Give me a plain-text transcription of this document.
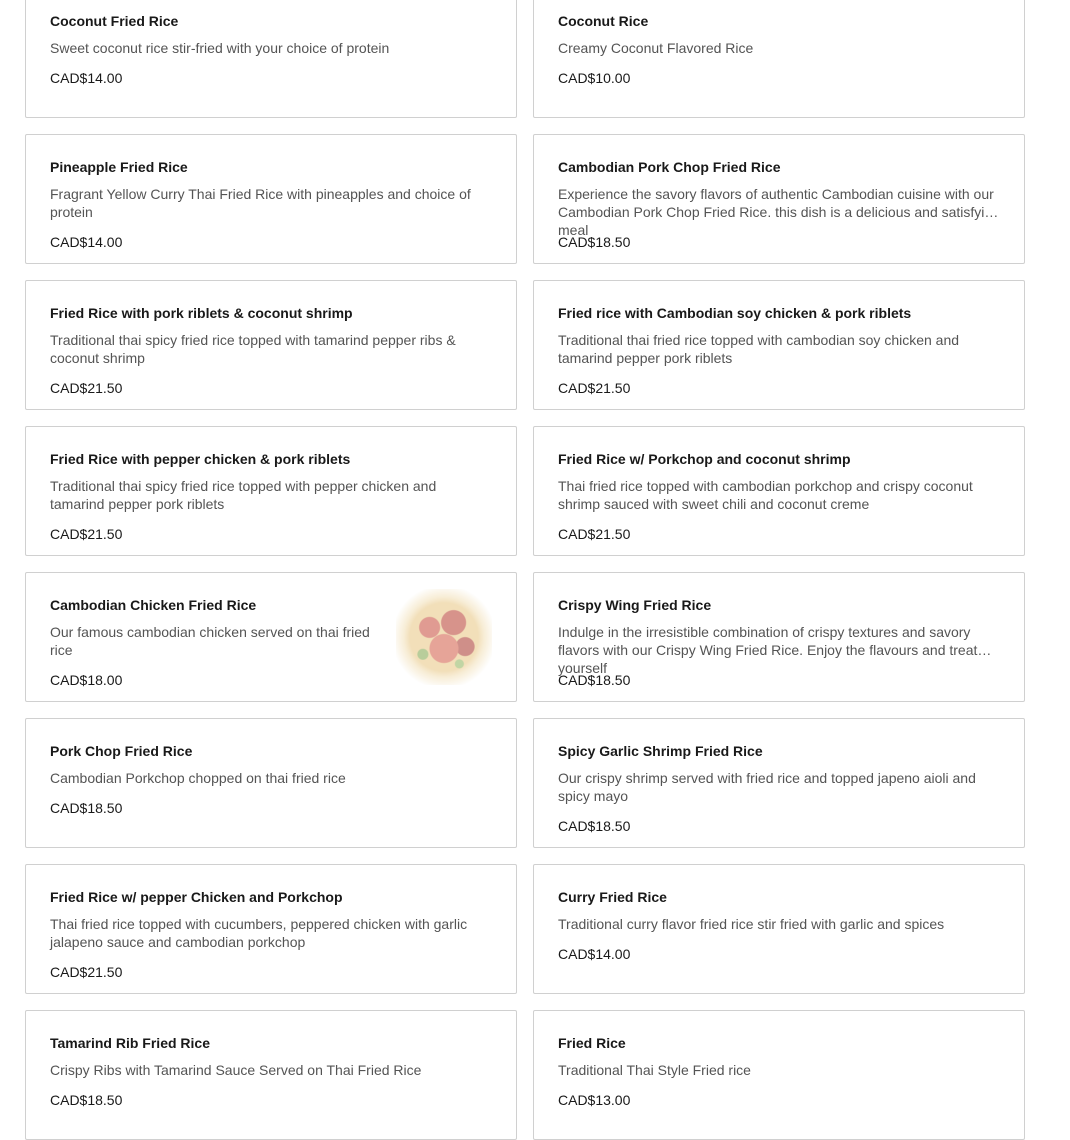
Coconut Fried Rice
Sweet coconut rice stir-fried with your choice of protein
CAD$14.00
Coconut Rice
Creamy Coconut Flavored Rice
CAD$10.00
Pineapple Fried Rice
Fragrant Yellow Curry Thai Fried Rice with pineapples and choice of protein
CAD$14.00
Cambodian Pork Chop Fried Rice
Experience the savory flavors of authentic Cambodian cuisine with our Cambodian Pork Chop Fried Rice. this dish is a delicious and satisfying meal
CAD$18.50
Fried Rice with pork riblets & coconut shrimp
Traditional thai spicy fried rice topped with tamarind pepper ribs & coconut shrimp
CAD$21.50
Fried rice with Cambodian soy chicken & pork riblets
Traditional thai fried rice topped with cambodian soy chicken and tamarind pepper pork riblets
CAD$21.50
Fried Rice with pepper chicken & pork riblets
Traditional thai spicy fried rice topped with pepper chicken and tamarind pepper pork riblets
CAD$21.50
Fried Rice w/ Porkchop and coconut shrimp
Thai fried rice topped with cambodian porkchop and crispy coconut shrimp sauced with sweet chili and coconut creme
CAD$21.50
Cambodian Chicken Fried Rice
Our famous cambodian chicken served on thai fried rice
CAD$18.00
Crispy Wing Fried Rice
Indulge in the irresistible combination of crispy textures and savory flavors with our Crispy Wing Fried Rice. Enjoy the flavours and treat yourself
CAD$18.50
Pork Chop Fried Rice
Cambodian Porkchop chopped on thai fried rice
CAD$18.50
Spicy Garlic Shrimp Fried Rice
Our crispy shrimp served with fried rice and topped japeno aioli and spicy mayo
CAD$18.50
Fried Rice w/ pepper Chicken and Porkchop
Thai fried rice topped with cucumbers, peppered chicken with garlic jalapeno sauce and cambodian porkchop
CAD$21.50
Curry Fried Rice
Traditional curry flavor fried rice stir fried with garlic and spices
CAD$14.00
Tamarind Rib Fried Rice
Crispy Ribs with Tamarind Sauce Served on Thai Fried Rice
CAD$18.50
Fried Rice
Traditional Thai Style Fried rice
CAD$13.00
